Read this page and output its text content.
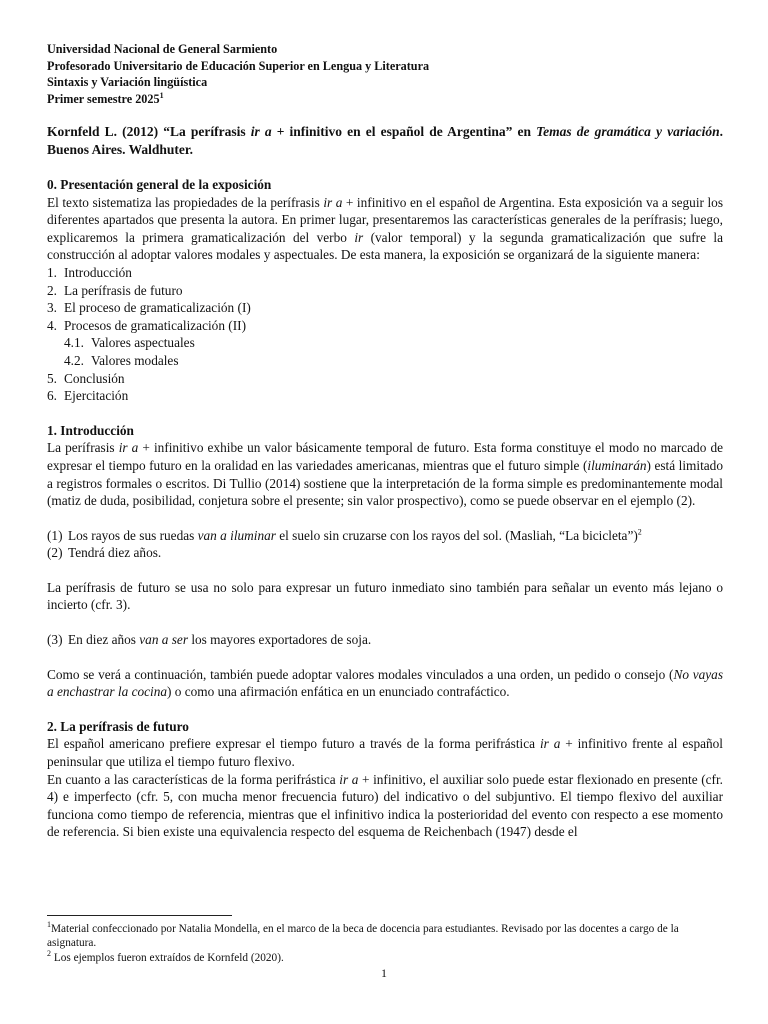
Universidad Nacional de General Sarmiento
Profesorado Universitario de Educación Superior en Lengua y Literatura
Sintaxis y Variación lingüística
Primer semestre 2025$^1$
Kornfeld L. (2012) “La perífrasis ir a + infinitivo en el español de Argentina” en Temas de gramática y variación. Buenos Aires. Waldhuter.
0. Presentación general de la exposición
El texto sistematiza las propiedades de la perífrasis ir a + infinitivo en el español de Argentina. Esta exposición va a seguir los diferentes apartados que presenta la autora. En primer lugar, presentaremos las características generales de la perífrasis; luego, explicaremos la primera gramaticalización del verbo ir (valor temporal) y la segunda gramaticalización que sufre la construcción al adoptar valores modales y aspectuales. De esta manera, la exposición se organizará de la siguiente manera:
1. Introducción
2. La perífrasis de futuro
3. El proceso de gramaticalización (I)
4. Procesos de gramaticalización (II)
4.1. Valores aspectuales
4.2. Valores modales
5. Conclusión
6. Ejercitación
1. Introducción
La perífrasis ir a + infinitivo exhibe un valor básicamente temporal de futuro. Esta forma constituye el modo no marcado de expresar el tiempo futuro en la oralidad en las variedades americanas, mientras que el futuro simple (iluminarán) está limitado a registros formales o escritos. Di Tullio (2014) sostiene que la interpretación de la forma simple es predominantemente modal (matiz de duda, posibilidad, conjetura sobre el presente; sin valor prospectivo), como se puede observar en el ejemplo (2).
(1) Los rayos de sus ruedas van a iluminar el suelo sin cruzarse con los rayos del sol. (Masliah, “La bicicleta”)$^2$
(2) Tendrá diez años.
La perífrasis de futuro se usa no solo para expresar un futuro inmediato sino también para señalar un evento más lejano o incierto (cfr. 3).
(3) En diez años van a ser los mayores exportadores de soja.
Como se verá a continuación, también puede adoptar valores modales vinculados a una orden, un pedido o consejo (No vayas a enchastrar la cocina) o como una afirmación enfática en un enunciado contrafáctico.
2. La perífrasis de futuro
El español americano prefiere expresar el tiempo futuro a través de la forma perifrástica ir a + infinitivo frente al español peninsular que utiliza el tiempo futuro flexivo.
En cuanto a las características de la forma perifrástica ir a + infinitivo, el auxiliar solo puede estar flexionado en presente (cfr. 4) e imperfecto (cfr. 5, con mucha menor frecuencia futuro) del indicativo o del subjuntivo. El tiempo flexivo del auxiliar funciona como tiempo de referencia, mientras que el infinitivo indica la posterioridad del evento con respecto a ese momento de referencia. Si bien existe una equivalencia respecto del esquema de Reichenbach (1947) desde el
$^1$Material confeccionado por Natalia Mondella, en el marco de la beca de docencia para estudiantes. Revisado por las docentes a cargo de la asignatura.
$^2$ Los ejemplos fueron extraídos de Kornfeld (2020).
1
